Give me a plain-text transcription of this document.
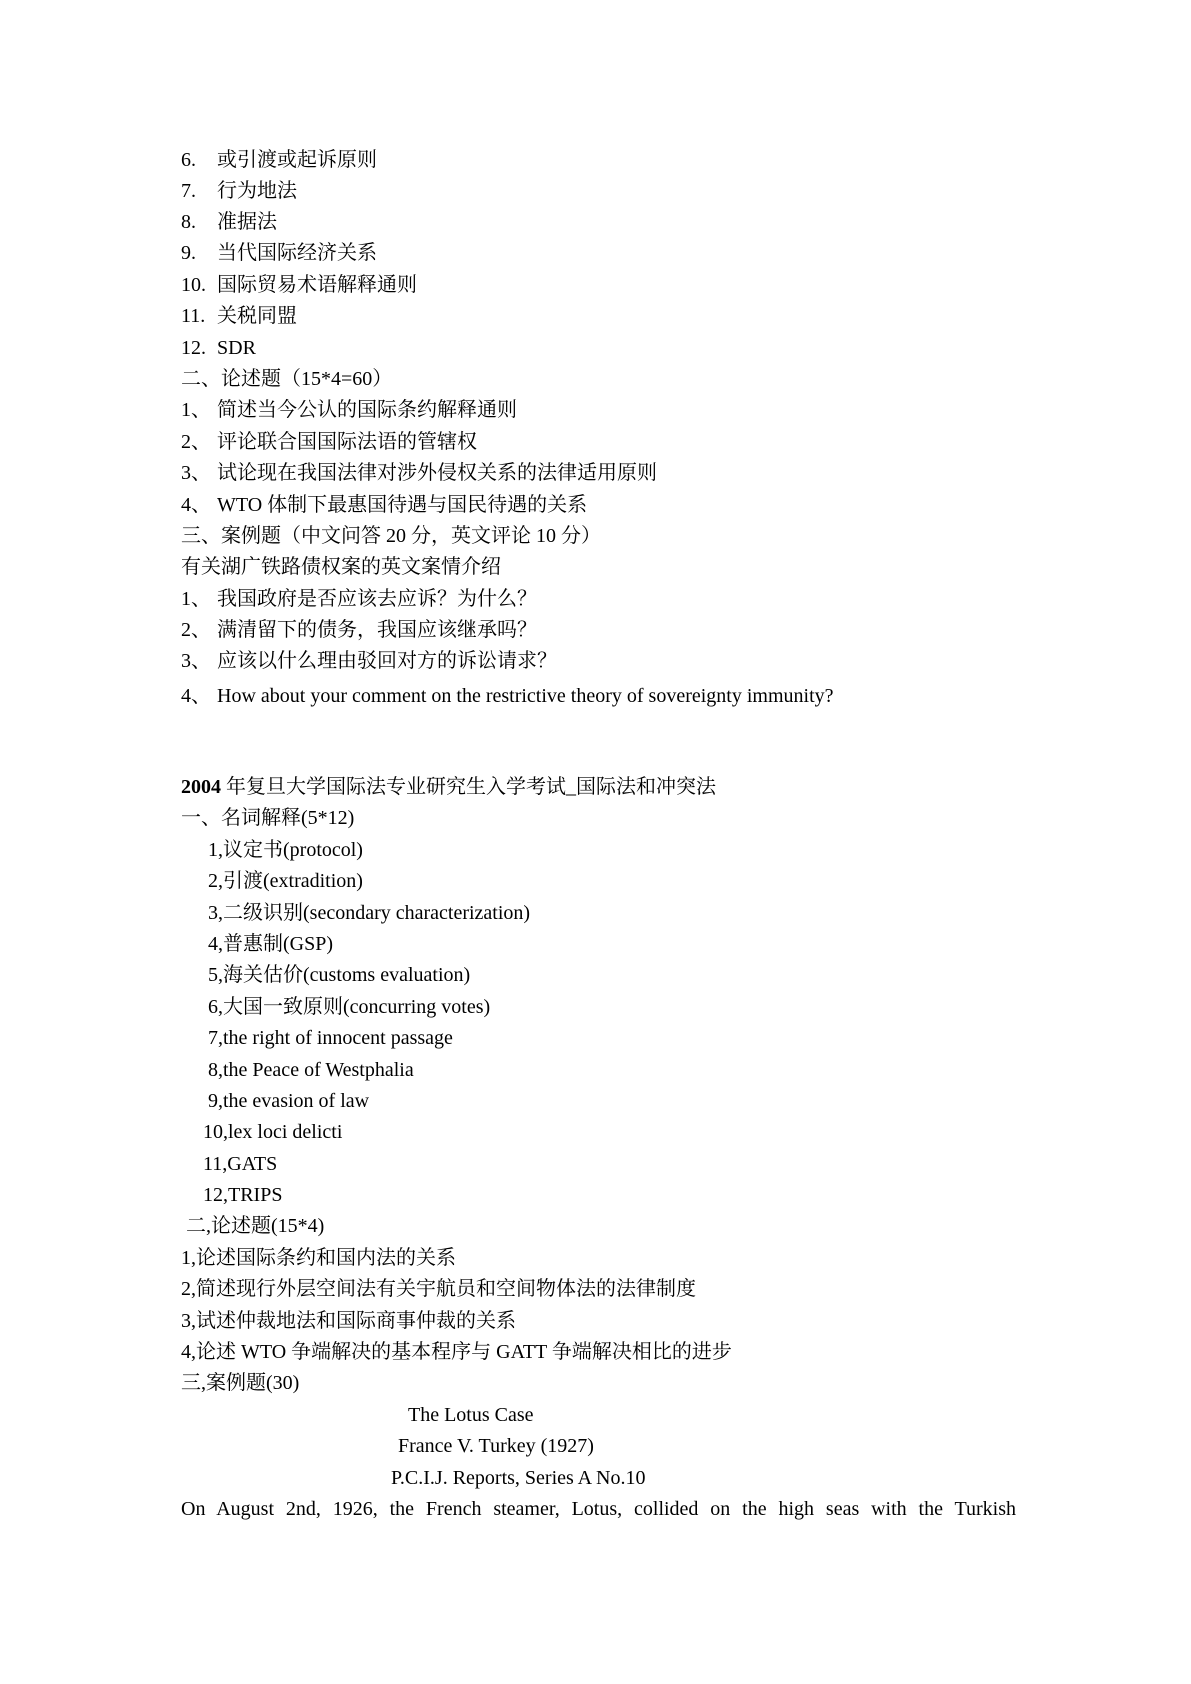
6. 或引渡或起诉原则
7. 行为地法
8. 准据法
9. 当代国际经济关系
10. 国际贸易术语解释通则
11. 关税同盟
12. SDR
二、论述题（15*4=60）
1、 简述当今公认的国际条约解释通则
2、 评论联合国国际法语的管辖权
3、 试论现在我国法律对涉外侵权关系的法律适用原则
4、 WTO 体制下最惠国待遇与国民待遇的关系
三、案例题（中文问答 20 分，英文评论 10 分）
有关湖广铁路债权案的英文案情介绍
1、 我国政府是否应该去应诉？为什么？
2、 满清留下的债务，我国应该继承吗？
3、 应该以什么理由驳回对方的诉讼请求？
4、 How about your comment on the restrictive theory of sovereignty immunity?
2004 年复旦大学国际法专业研究生入学考试_国际法和冲突法
一、名词解释(5*12)
1,议定书(protocol)
2,引渡(extradition)
3,二级识别(secondary characterization)
4,普惠制(GSP)
5,海关估价(customs evaluation)
6,大国一致原则(concurring votes)
7,the right of innocent passage
8,the Peace of Westphalia
9,the evasion of law
10,lex loci delicti
11,GATS
12,TRIPS
二,论述题(15*4)
1,论述国际条约和国内法的关系
2,简述现行外层空间法有关宇航员和空间物体法的法律制度
3,试述仲裁地法和国际商事仲裁的关系
4,论述 WTO 争端解决的基本程序与 GATT 争端解决相比的进步
三,案例题(30)
The Lotus Case
France V. Turkey (1927)
P.C.I.J. Reports, Series A No.10
On August 2nd, 1926, the French steamer, Lotus, collided on the high seas with the Turkish
